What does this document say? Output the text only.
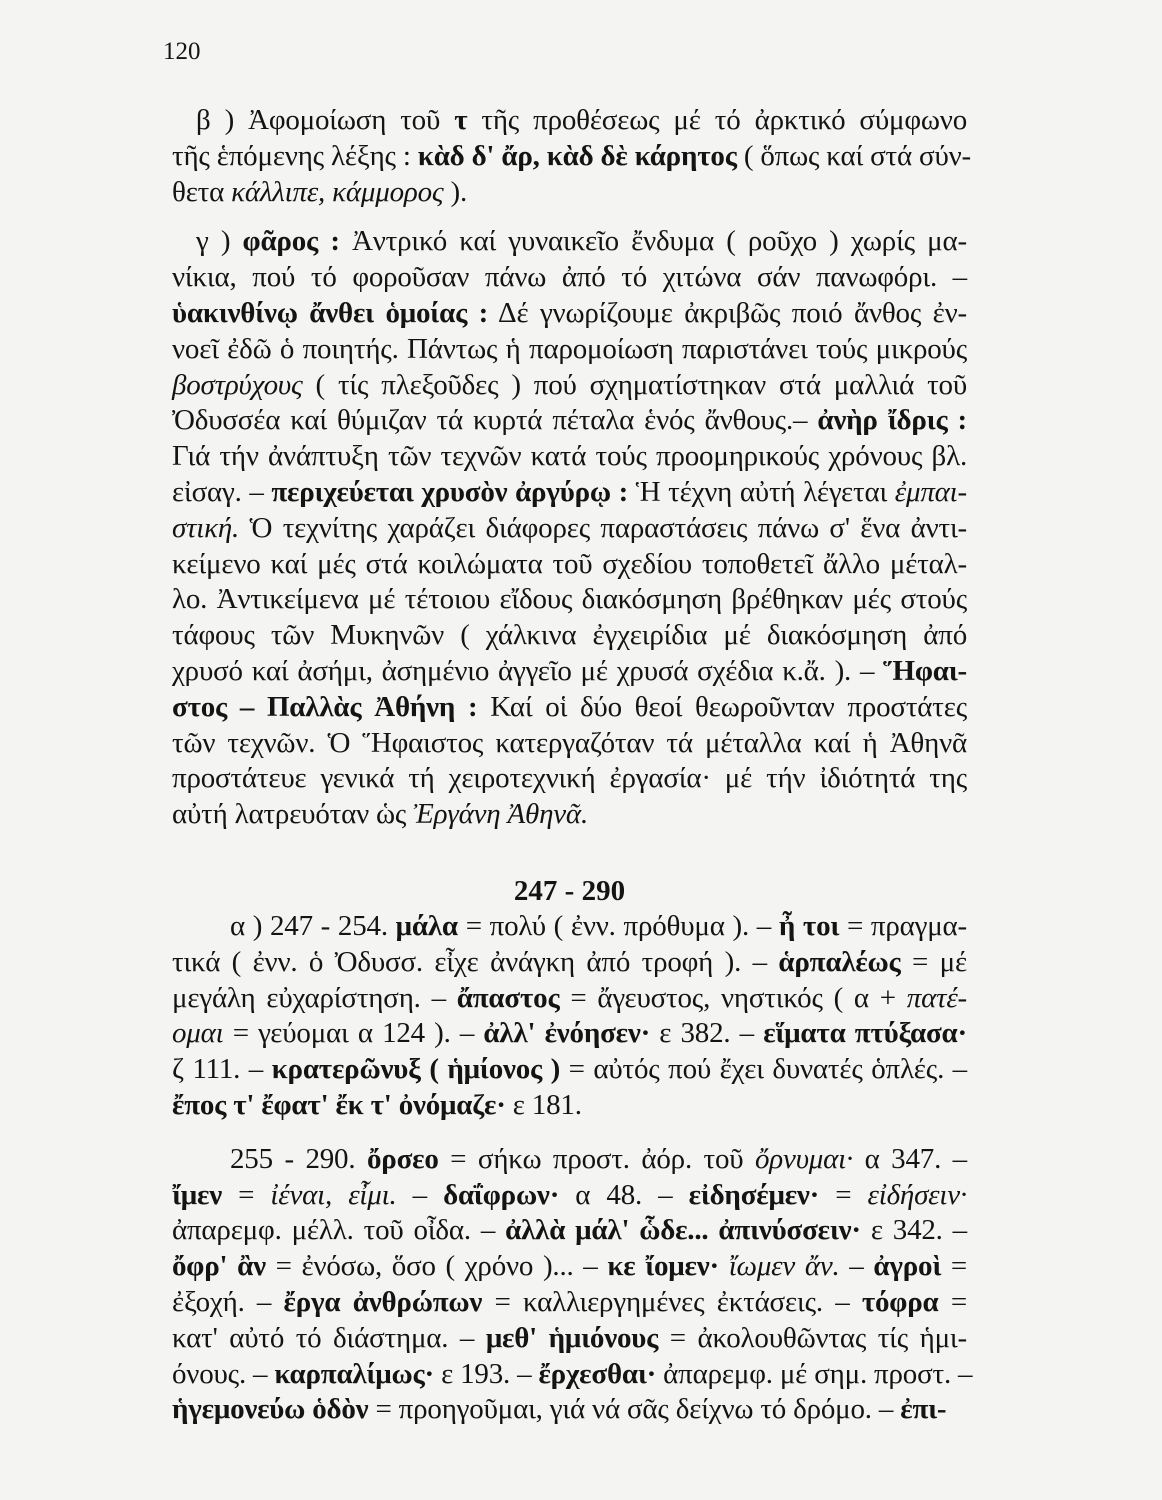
120
β ) Ἀφομοίωση τοῦ τ τῆς προθέσεως μέ τό ἀρκτικό σύμφωνο
τῆς ἑπόμενης λέξης : κὰδ δ' ἄρ, κὰδ δὲ κάρητος ( ὅπως καί στά σύν-
θετα κάλλιπε, κάμμορος ).
γ ) φᾶρος : Ἀντρικό καί γυναικεῖο ἔνδυμα ( ροῦχο ) χωρίς μα-
νίκια, πού τό φοροῦσαν πάνω ἀπό τό χιτώνα σάν πανωφόρι. –
ὑακινθίνῳ ἄνθει ὁμοίας : Δέ γνωρίζουμε ἀκριβῶς ποιό ἄνθος ἐν-
νοεῖ ἐδῶ ὁ ποιητής. Πάντως ἡ παρομοίωση παριστάνει τούς μικρούς
βοστρύχους ( τίς πλεξοῦδες ) πού σχηματίστηκαν στά μαλλιά τοῦ
Ὀδυσσέα καί θύμιζαν τά κυρτά πέταλα ἑνός ἄνθους.– ἀνὴρ ἴδρις :
Γιά τήν ἀνάπτυξη τῶν τεχνῶν κατά τούς προομηρικούς χρόνους βλ.
εἰσαγ. – περιχεύεται χρυσὸν ἀργύρῳ : Ἡ τέχνη αὐτή λέγεται ἐμπαι-
στική. Ὁ τεχνίτης χαράζει διάφορες παραστάσεις πάνω σ' ἕνα ἀντι-
κείμενο καί μές στά κοιλώματα τοῦ σχεδίου τοποθετεῖ ἄλλο μέταλ-
λο. Ἀντικείμενα μέ τέτοιου εἴδους διακόσμηση βρέθηκαν μές στούς
τάφους τῶν Μυκηνῶν ( χάλκινα ἐγχειρίδια μέ διακόσμηση ἀπό
χρυσό καί ἀσήμι, ἀσημένιο ἀγγεῖο μέ χρυσά σχέδια κ.ἄ. ). – Ἥφαι-
στος – Παλλὰς Ἀθήνη : Καί οἱ δύο θεοί θεωροῦνταν προστάτες
τῶν τεχνῶν. Ὁ Ἥφαιστος κατεργαζόταν τά μέταλλα καί ἡ Ἀθηνᾶ
προστάτευε γενικά τή χειροτεχνική ἐργασία· μέ τήν ἰδιότητά της
αὐτή λατρευόταν ὡς Ἐργάνη Ἀθηνᾶ.
247 - 290
α ) 247 - 254. μάλα = πολύ ( ἐνν. πρόθυμα ). – ἦ τοι = πραγμα-
τικά ( ἐνν. ὁ Ὀδυσσ. εἶχε ἀνάγκη ἀπό τροφή ). – ἁρπαλέως = μέ
μεγάλη εὐχαρίστηση. – ἄπαστος = ἄγευστος, νηστικός ( α + πατέ-
ομαι = γεύομαι α 124 ). – ἀλλ' ἐνόησεν· ε 382. – εἵματα πτύξασα·
ζ 111. – κρατερῶνυξ ( ἡμίονος ) = αὐτός πού ἔχει δυνατές ὁπλές. –
ἔπος τ' ἔφατ' ἔκ τ' ὀνόμαζε· ε 181.
255 - 290. ὄρσεο = σήκω προστ. ἀόρ. τοῦ ὄρνυμαι· α 347. –
ἴμεν = ἰέναι, εἶμι. – δαΐφρων· α 48. – εἰδησέμεν· = εἰδήσειν·
ἀπαρεμφ. μέλλ. τοῦ οἶδα. – ἀλλὰ μάλ' ὧδε... ἀπινύσσειν· ε 342. –
ὄφρ' ἂν = ἐνόσω, ὅσο ( χρόνο )... – κε ἴομεν· ἴωμεν ἄν. – ἀγροὶ =
ἐξοχή. – ἔργα ἀνθρώπων = καλλιεργημένες ἐκτάσεις. – τόφρα =
κατ' αὐτό τό διάστημα. – μεθ' ἡμιόνους = ἀκολουθῶντας τίς ἡμι-
όνους. – καρπαλίμως· ε 193. – ἔρχεσθαι· ἀπαρεμφ. μέ σημ. προστ. –
ἡγεμονεύω ὁδὸν = προηγοῦμαι, γιά νά σᾶς δείχνω τό δρόμο. – ἐπι-
